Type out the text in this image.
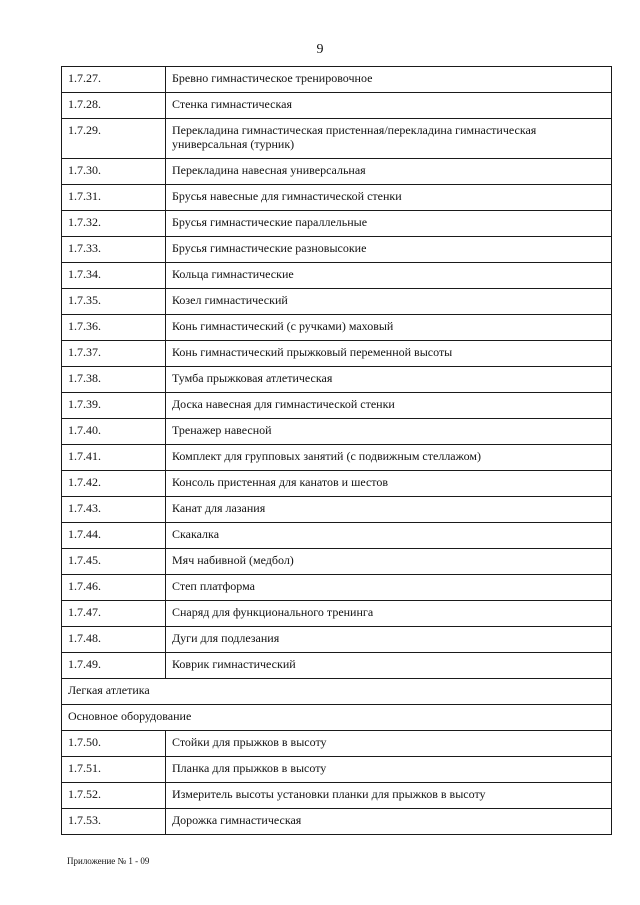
9
1.7.27.	Бревно гимнастическое тренировочное
1.7.28.	Стенка гимнастическая
1.7.29.	Перекладина гимнастическая пристенная/перекладина гимнастическая универсальная (турник)
1.7.30.	Перекладина навесная универсальная
1.7.31.	Брусья навесные для гимнастической стенки
1.7.32.	Брусья гимнастические параллельные
1.7.33.	Брусья гимнастические разновысокие
1.7.34.	Кольца гимнастические
1.7.35.	Козел гимнастический
1.7.36.	Конь гимнастический (с ручками) маховый
1.7.37.	Конь гимнастический прыжковый переменной высоты
1.7.38.	Тумба прыжковая атлетическая
1.7.39.	Доска навесная для гимнастической стенки
1.7.40.	Тренажер навесной
1.7.41.	Комплект для групповых занятий (с подвижным стеллажом)
1.7.42.	Консоль пристенная для канатов и шестов
1.7.43.	Канат для лазания
1.7.44.	Скакалка
1.7.45.	Мяч набивной (медбол)
1.7.46.	Степ платформа
1.7.47.	Снаряд для функционального тренинга
1.7.48.	Дуги для подлезания
1.7.49.	Коврик гимнастический
Легкая атлетика	
Основное оборудование	
1.7.50.	Стойки для прыжков в высоту
1.7.51.	Планка для прыжков в высоту
1.7.52.	Измеритель высоты установки планки для прыжков в высоту
1.7.53.	Дорожка гимнастическая
Приложение № 1 - 09
